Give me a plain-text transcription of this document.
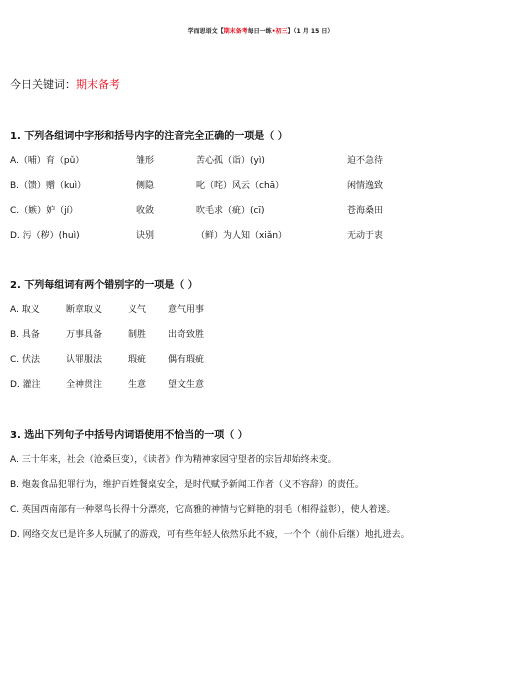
学而思语文【期末备考每日一练•初三】（1 月 15 日）
今日关键词：期末备考
1. 下列各组词中字形和括号内字的注音完全正确的一项是（ ）
A.（哺）育（pǔ）	雏形	苦心孤（诣）(yì)	迫不急待
B.（馈）赠（kuì）	侧隐	叱（咤）风云（chā）	闲情逸致
C.（嫉）妒（jí）	收敛	吹毛求（疵）(cī)	苍海桑田
D. 污（秽）(huì)	诀别	（鲜）为人知（xiǎn）	无动于衷
2. 下列每组词有两个错别字的一项是（ ）
A. 取义	断章取义	义气 意气用事
B. 具备	万事具备	制胜 出奇致胜
C. 伏法	认罪服法	瑕疵 偶有瑕疵
D. 灌注	全神贯注	生意 望文生意
3. 选出下列句子中括号内词语使用不恰当的一项（ ）
A. 三十年来，社会（沧桑巨变），《读者》作为精神家园守望者的宗旨却始终未变。
B. 炮轰食品犯罪行为，维护百姓餐桌安全，是时代赋予新闻工作者（义不容辞）的责任。
C. 英国西南部有一种翠鸟长得十分漂亮，它高雅的神情与它鲜艳的羽毛（相得益彰），使人着迷。
D. 网络交友已是许多人玩腻了的游戏，可有些年轻人依然乐此不疲，一个个（前仆后继）地扎进去。
